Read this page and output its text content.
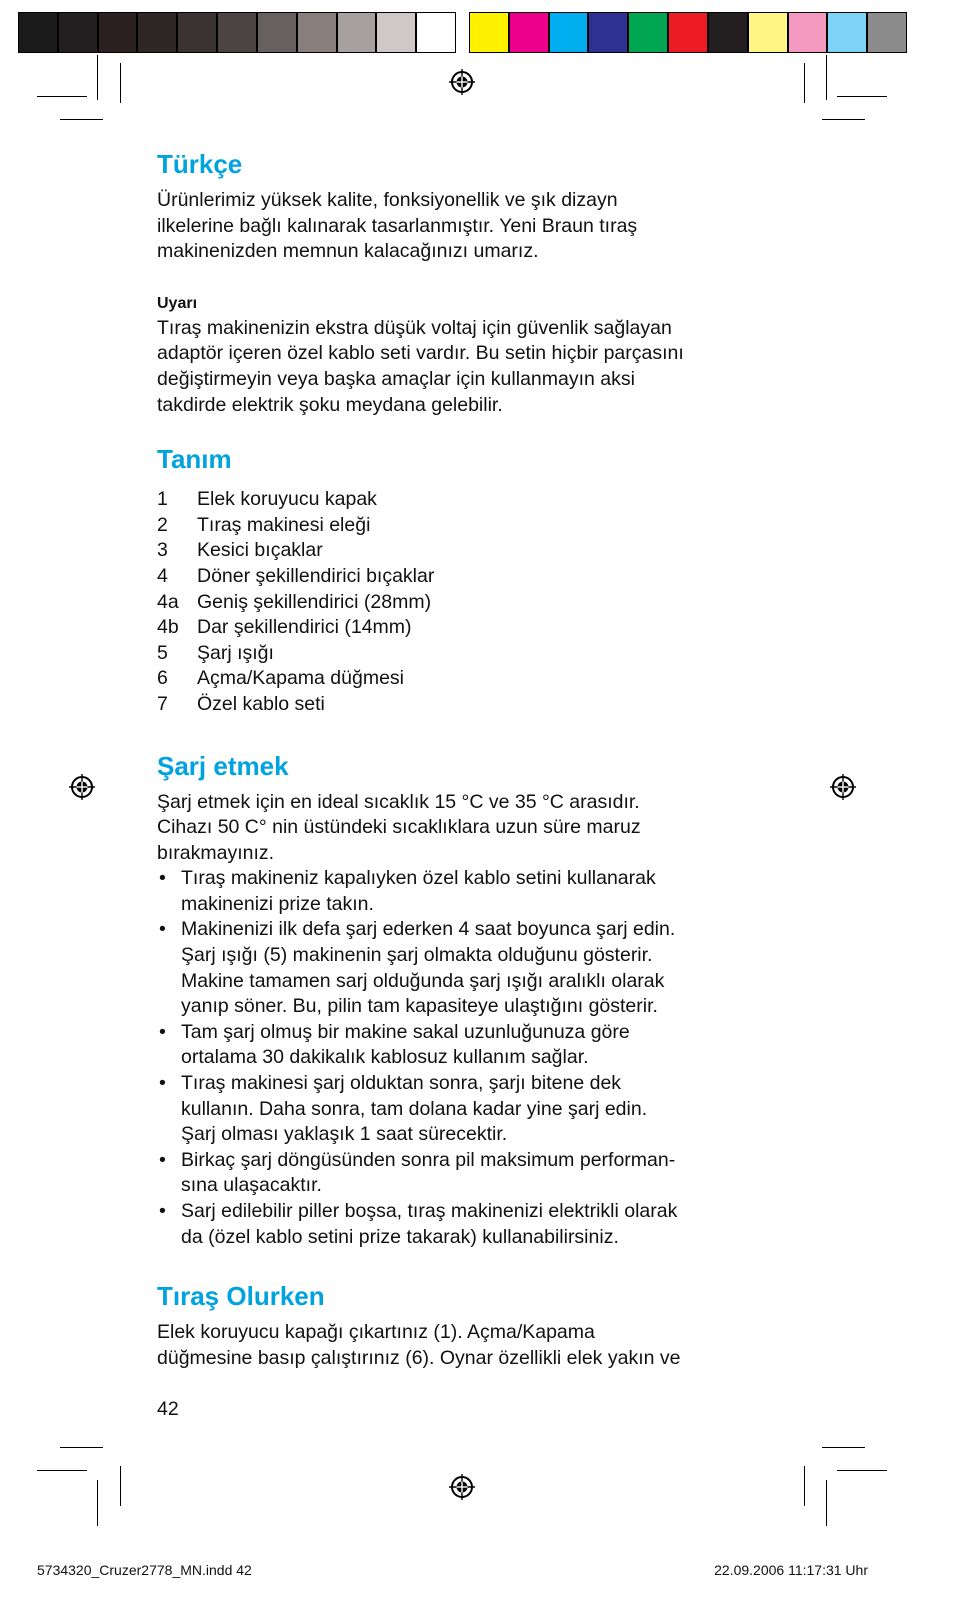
Türkçe

Ürünlerimiz yüksek kalite, fonksiyonellik ve şık dizayn
ilkelerine bağlı kalınarak tasarlanmıştır. Yeni Braun tıraş
makinenizden memnun kalacağınızı umarız.

Uyarı

Tıraş makinenizin ekstra düşük voltaj için güvenlik sağlayan
adaptör içeren özel kablo seti vardır. Bu setin hiçbir parçasını
değiştirmeyin veya başka amaçlar için kullanmayın aksi
takdirde elektrik şoku meydana gelebilir.

Tanım
1	Elek koruyucu kapak
2	Tıraş makinesi eleği
3	Kesici bıçaklar
4	Döner şekillendirici bıçaklar
4a Geniş şekillendirici (28mm)
4b Dar şekillendirici (14mm)
5	Şarj ışığı
6	Açma/Kapama düğmesi
7	Özel kablo seti
Şarj etmek

Şarj etmek için en ideal sıcaklık 15 °C ve 35 °C arasıdır.
Cihazı 50 C° nin üstündeki sıcaklıklara uzun süre maruz
bırakmayınız.

• Tıraş makineniz kapalıyken özel kablo setini kullanarak
makinenizi prize takın.
• Makinenizi ilk defa şarj ederken 4 saat boyunca şarj edin.
Şarj ışığı (5) makinenin şarj olmakta olduğunu gösterir.
Makine tamamen sarj olduğunda şarj ışığı aralıklı olarak
yanıp söner. Bu, pilin tam kapasiteye ulaştığını gösterir.
• Tam şarj olmuş bir makine sakal uzunluğunuza göre
ortalama 30 dakikalık kablosuz kullanım sağlar.
• Tıraş makinesi şarj olduktan sonra, şarjı bitene dek
kullanın. Daha sonra, tam dolana kadar yine şarj edin.
Şarj olması yaklaşık 1 saat sürecektir.
• Birkaç şarj döngüsünden sonra pil maksimum performan-
sına ulaşacaktır.
• Sarj edilebilir piller boşsa, tıraş makinenizi elektrikli olarak
da (özel kablo setini prize takarak) kullanabilirsiniz.
Tıraş Olurken

Elek koruyucu kapağı çıkartınız (1). Açma/Kapama
düğmesine basıp çalıştırınız (6). Oynar özellikli elek yakın ve

42
5734320_Cruzer2778_MN.indd 42	22.09.2006 11:17:31 Uhr
